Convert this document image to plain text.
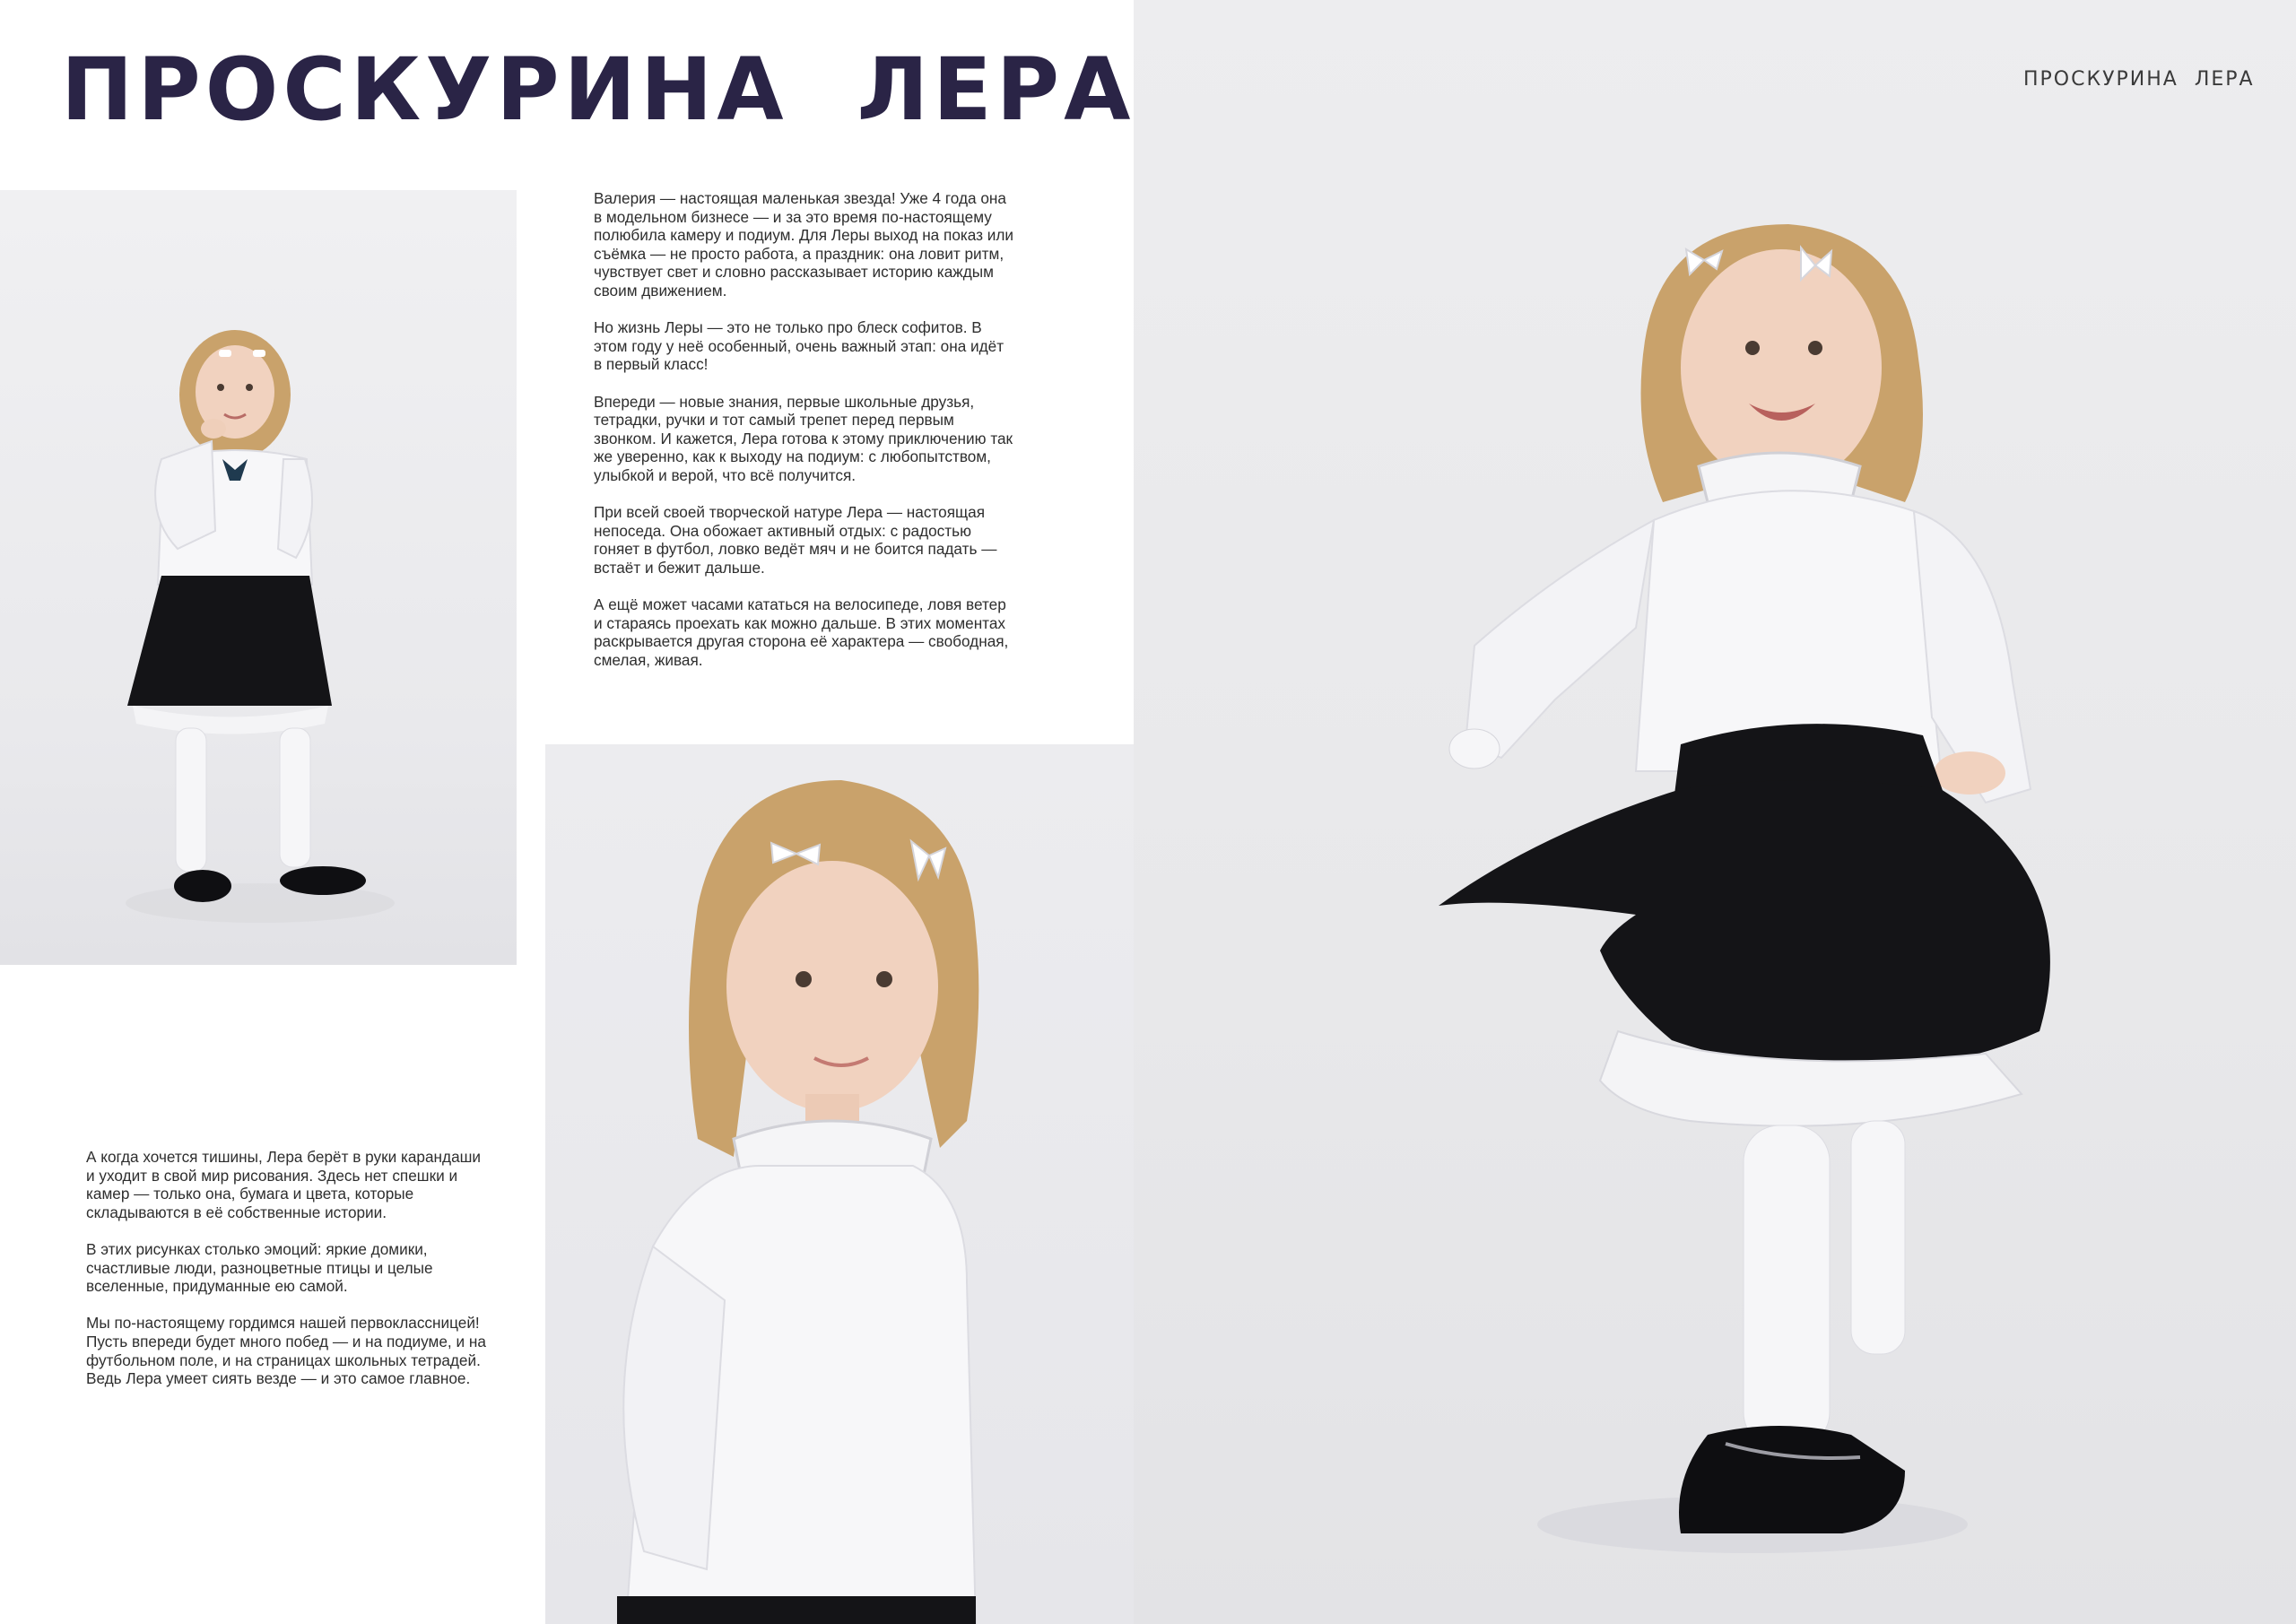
ПРОСКУРИНА  ЛЕРА

Валерия — настоящая маленькая звезда! Уже 4 года она в модельном бизнесе — и за это время по-настоящему полюбила камеру и подиум. Для Леры выход на показ или съёмка — не просто работа, а праздник: она ловит ритм, чувствует свет и словно рассказывает историю каждым своим движением.

Но жизнь Леры — это не только про блеск софитов. В этом году у неё особенный, очень важный этап: она идёт в первый класс!

Впереди — новые знания, первые школьные друзья, тетрадки, ручки и тот самый трепет перед первым звонком. И кажется, Лера готова к этому приключению так же уверенно, как к выходу на подиум: с любопытством, улыбкой и верой, что всё получится.

При всей своей творческой натуре Лера — настоящая непоседа. Она обожает активный отдых: с радостью гоняет в футбол, ловко ведёт мяч и не боится падать — встаёт и бежит дальше.

А ещё может часами кататься на велосипеде, ловя ветер и стараясь проехать как можно дальше. В этих моментах раскрывается другая сторона её характера — свободная, смелая, живая.

А когда хочется тишины, Лера берёт в руки карандаши и уходит в свой мир рисования. Здесь нет спешки и камер — только она, бумага и цвета, которые складываются в её собственные истории.

В этих рисунках столько эмоций: яркие домики, счастливые люди, разноцветные птицы и целые вселенные, придуманные ею самой.

Мы по-настоящему гордимся нашей первоклассницей! Пусть впереди будет много побед — и на подиуме, и на футбольном поле, и на страницах школьных тетрадей. Ведь Лера умеет сиять везде — и это самое главное.

ПРОСКУРИНА  ЛЕРА
